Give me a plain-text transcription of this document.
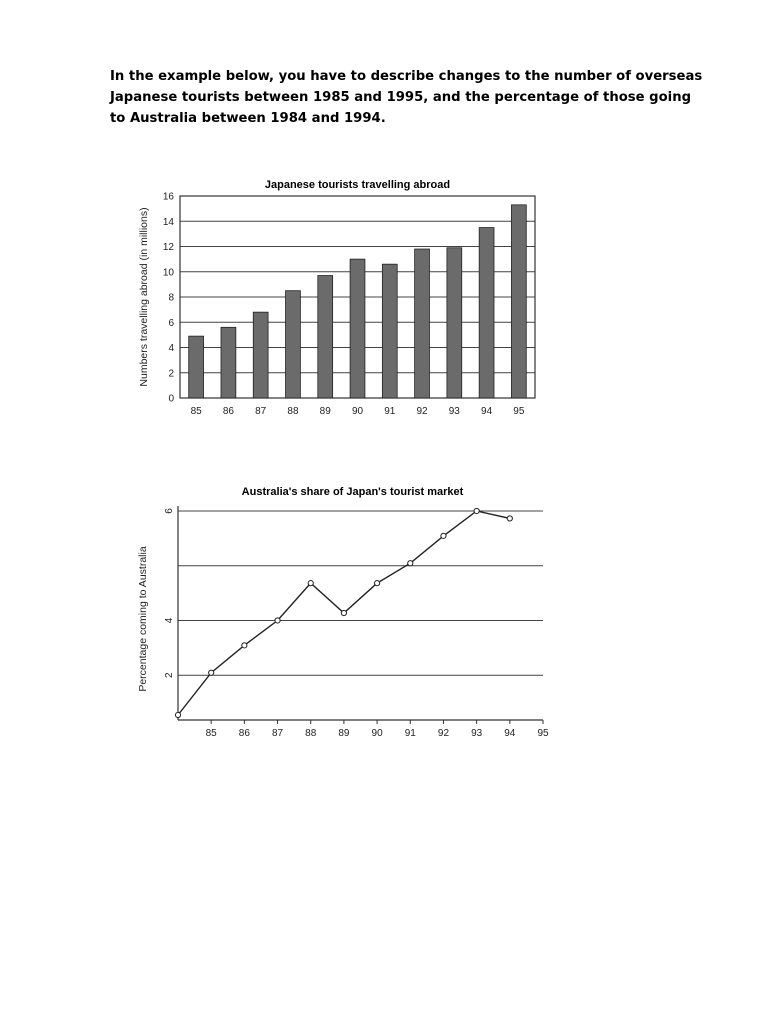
In the example below, you have to describe changes to the number of overseas Japanese tourists between 1985 and 1995, and the percentage of those going to Australia between 1984 and 1994.
Japanese tourists travelling abroad
0
2
4
6
8
10
12
14
16
85 86 87 88 89 90 91 92 93 94 95
Numbers travelling abroad (in millions)
Australia's share of Japan's tourist market
2
4
6
85 86 87 88 89 90 91 92 93 94 95
Percentage coming to Australia
